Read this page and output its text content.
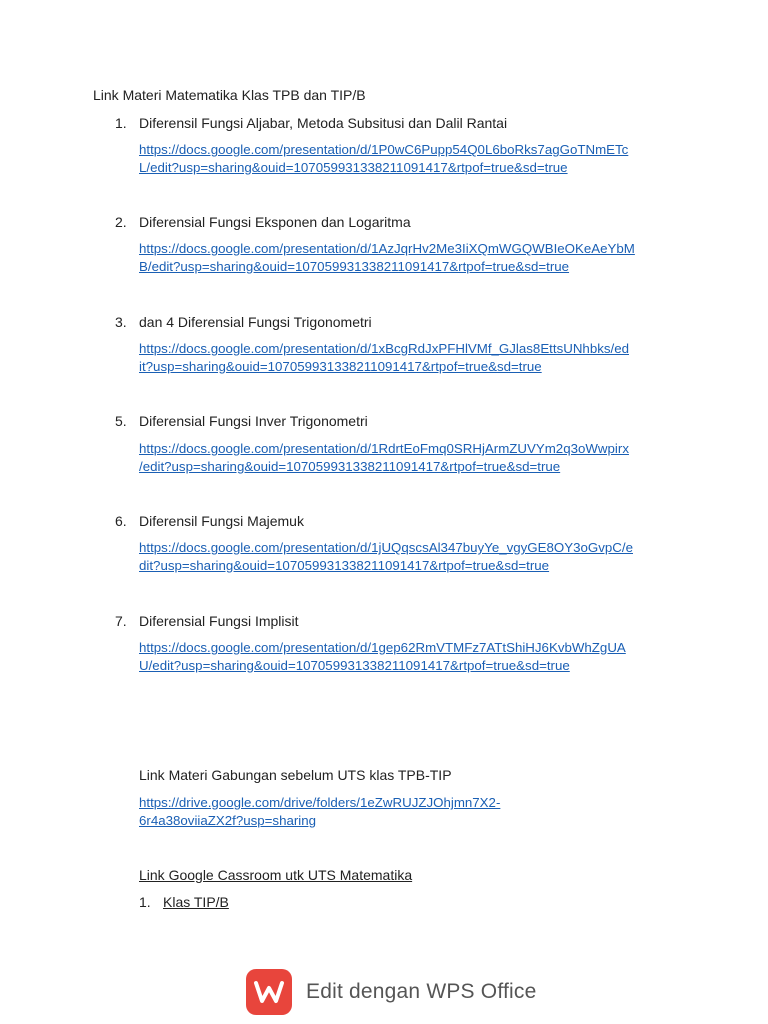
Link Materi Matematika Klas TPB dan TIP/B
1. Diferensil Fungsi Aljabar, Metoda Subsitusi dan Dalil Rantai
https://docs.google.com/presentation/d/1P0wC6Pupp54Q0L6boRks7agGoTNmETc
L/edit?usp=sharing&ouid=107059931338211091417&rtpof=true&sd=true
2. Diferensial Fungsi Eksponen dan Logaritma
https://docs.google.com/presentation/d/1AzJqrHv2Me3IiXQmWGQWBIeOKeAeYbM
B/edit?usp=sharing&ouid=107059931338211091417&rtpof=true&sd=true
3. dan 4 Diferensial Fungsi Trigonometri
https://docs.google.com/presentation/d/1xBcgRdJxPFHlVMf_GJlas8EttsUNhbks/ed
it?usp=sharing&ouid=107059931338211091417&rtpof=true&sd=true
5. Diferensial Fungsi Inver Trigonometri
https://docs.google.com/presentation/d/1RdrtEoFmq0SRHjArmZUVYm2q3oWwpirx
/edit?usp=sharing&ouid=107059931338211091417&rtpof=true&sd=true
6. Diferensil Fungsi Majemuk
https://docs.google.com/presentation/d/1jUQqscsAl347buyYe_vgyGE8OY3oGvpC/e
dit?usp=sharing&ouid=107059931338211091417&rtpof=true&sd=true
7. Diferensial Fungsi Implisit
https://docs.google.com/presentation/d/1gep62RmVTMFz7ATtShiHJ6KvbWhZgUA
U/edit?usp=sharing&ouid=107059931338211091417&rtpof=true&sd=true
Link Materi Gabungan sebelum UTS klas TPB-TIP
https://drive.google.com/drive/folders/1eZwRUJZJOhjmn7X2-
6r4a38oviiaZX2f?usp=sharing
Link Google Cassroom utk UTS Matematika
1. Klas TIP/B
Edit dengan WPS Office
